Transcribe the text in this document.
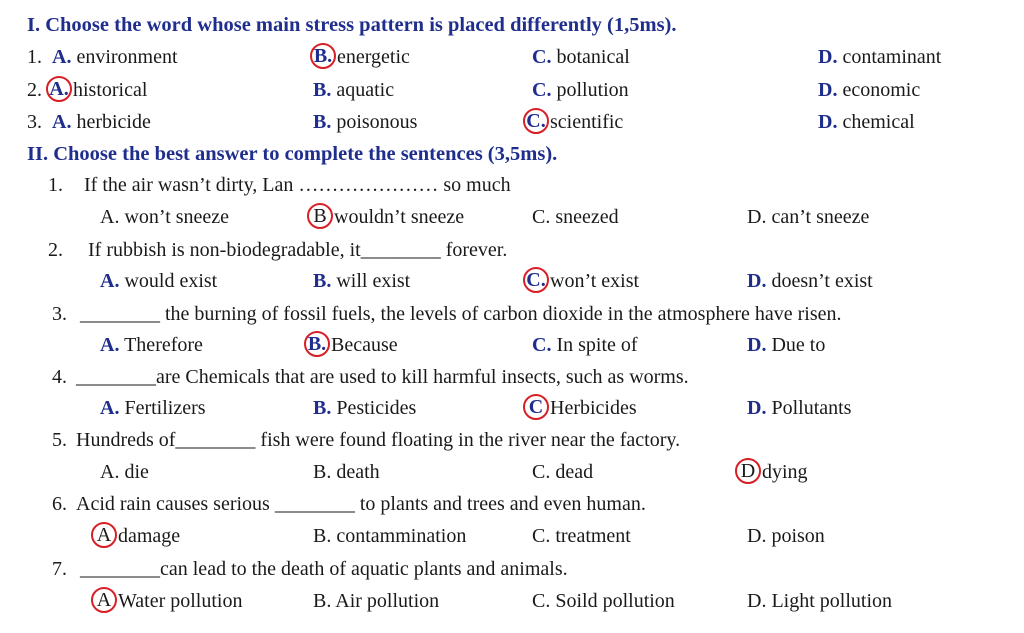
I. Choose the word whose main stress pattern is placed differently (1,5ms).
1. A. environment	B. energetic	C. botanical	D. contaminant
2. A. historical	B. aquatic	C. pollution	D. economic
3. A. herbicide	B. poisonous	C. scientific	D. chemical
II. Choose the best answer to complete the sentences (3,5ms).
1. If the air wasn’t dirty, Lan ………………… so much
A. won’t sneeze	B wouldn’t sneeze	C. sneezed	D. can’t sneeze
2. If rubbish is non-biodegradable, it________ forever.
A. would exist	B. will exist	C. won’t exist	D. doesn’t exist
3. ________ the burning of fossil fuels, the levels of carbon dioxide in the atmosphere have risen.
A. Therefore	B. Because	C. In spite of	D. Due to
4. ________are Chemicals that are used to kill harmful insects, such as worms.
A. Fertilizers	B. Pesticides	C Herbicides	D. Pollutants
5. Hundreds of________ fish were found floating in the river near the factory.
A. die	B. death	C. dead	D dying
6. Acid rain causes serious ________ to plants and trees and even human.
A damage	B. contammination	C. treatment	D. poison
7. ________can lead to the death of aquatic plants and animals.
A Water pollution	B. Air pollution	C. Soild pollution	D. Light pollution
